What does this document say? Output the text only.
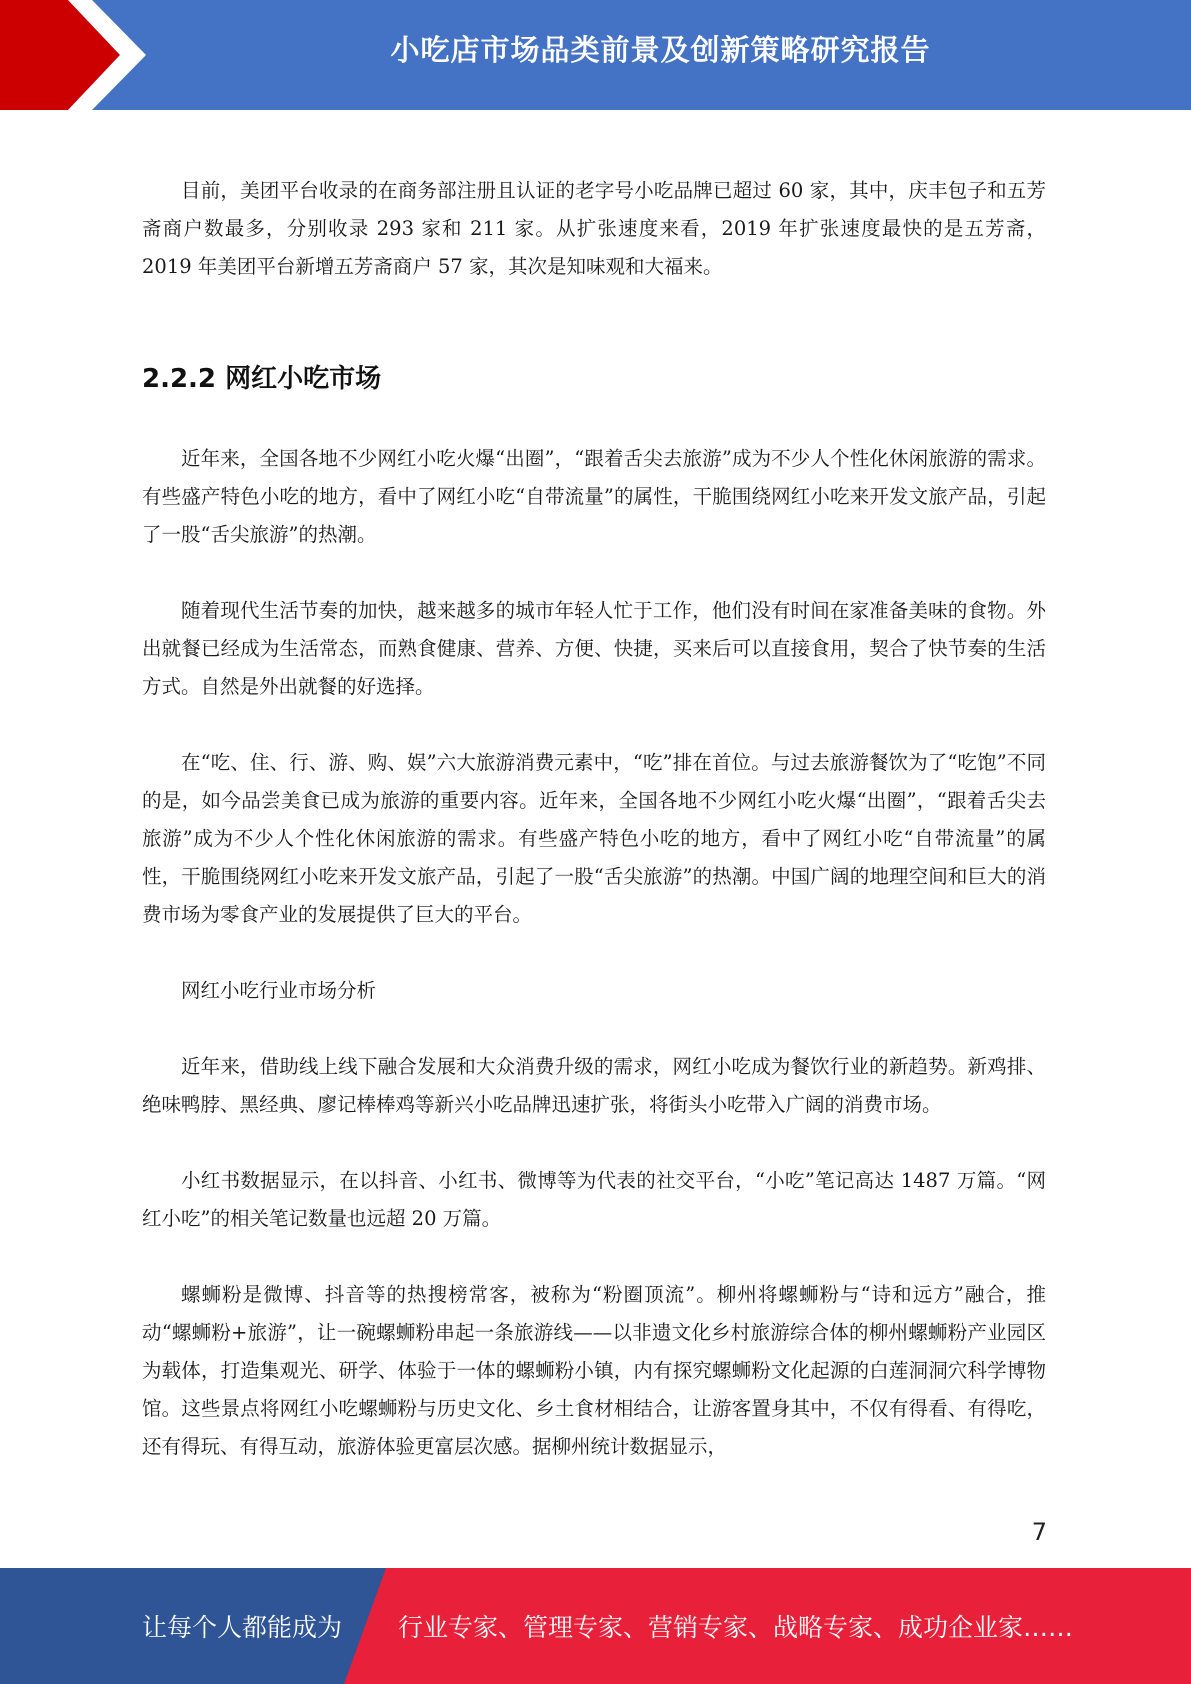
小吃店市场品类前景及创新策略研究报告

目前，美团平台收录的在商务部注册且认证的老字号小吃品牌已超过 60 家，其中，庆丰包子和五芳斋商户数最多，分别收录 293 家和 211 家。从扩张速度来看，2019 年扩张速度最快的是五芳斋，2019 年美团平台新增五芳斋商户 57 家，其次是知味观和大福来。

2.2.2 网红小吃市场

近年来，全国各地不少网红小吃火爆“出圈”，“跟着舌尖去旅游”成为不少人个性化休闲旅游的需求。有些盛产特色小吃的地方，看中了网红小吃“自带流量”的属性，干脆围绕网红小吃来开发文旅产品，引起了一股“舌尖旅游”的热潮。

随着现代生活节奏的加快，越来越多的城市年轻人忙于工作，他们没有时间在家准备美味的食物。外出就餐已经成为生活常态，而熟食健康、营养、方便、快捷，买来后可以直接食用，契合了快节奏的生活方式。自然是外出就餐的好选择。

在“吃、住、行、游、购、娱”六大旅游消费元素中，“吃”排在首位。与过去旅游餐饮为了“吃饱”不同的是，如今品尝美食已成为旅游的重要内容。近年来，全国各地不少网红小吃火爆“出圈”，“跟着舌尖去旅游”成为不少人个性化休闲旅游的需求。有些盛产特色小吃的地方，看中了网红小吃“自带流量”的属性，干脆围绕网红小吃来开发文旅产品，引起了一股“舌尖旅游”的热潮。中国广阔的地理空间和巨大的消费市场为零食产业的发展提供了巨大的平台。

网红小吃行业市场分析

近年来，借助线上线下融合发展和大众消费升级的需求，网红小吃成为餐饮行业的新趋势。新鸡排、绝味鸭脖、黑经典、廖记棒棒鸡等新兴小吃品牌迅速扩张，将街头小吃带入广阔的消费市场。

小红书数据显示，在以抖音、小红书、微博等为代表的社交平台，“小吃”笔记高达 1487 万篇。“网红小吃”的相关笔记数量也远超 20 万篇。

螺蛳粉是微博、抖音等的热搜榜常客，被称为“粉圈顶流”。柳州将螺蛳粉与“诗和远方”融合，推动“螺蛳粉+旅游”，让一碗螺蛳粉串起一条旅游线——以非遗文化乡村旅游综合体的柳州螺蛳粉产业园区为载体，打造集观光、研学、体验于一体的螺蛳粉小镇，内有探究螺蛳粉文化起源的白莲洞洞穴科学博物馆。这些景点将网红小吃螺蛳粉与历史文化、乡土食材相结合，让游客置身其中，不仅有得看、有得吃，还有得玩、有得互动，旅游体验更富层次感。据柳州统计数据显示，

7
让每个人都能成为 行业专家、管理专家、营销专家、战略专家、成功企业家……
